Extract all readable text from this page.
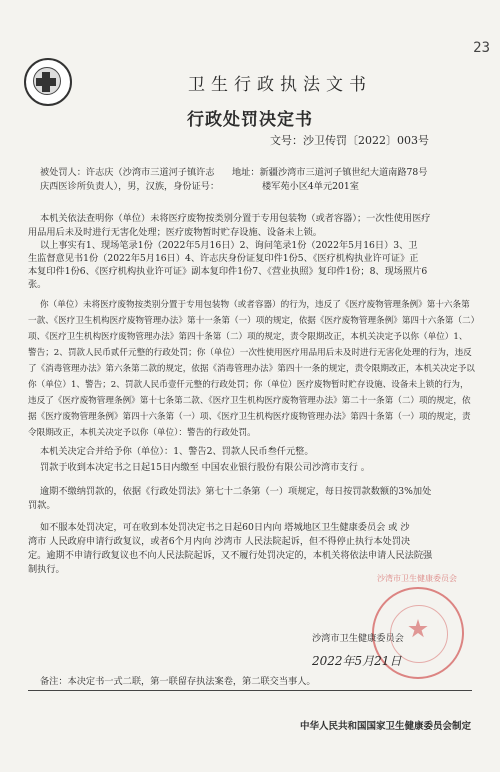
23
卫生行政执法文书
行政处罚决定书
文号：沙卫传罚〔2022〕003号
被处罚人：许志庆（沙湾市三道河子镇许志
庆西医诊所负责人），男，汉族，身份证号：
地址：新疆沙湾市三道河子镇世纪大道南路78号
楼军苑小区4单元201室
本机关依法查明你（单位）未将医疗废物按类别分置于专用包装物（或者容器）；一次性使用医疗
用品用后未及时进行无害化处理；医疗废物暂时贮存设施、设备未上锁。
以上事实有1、现场笔录1份（2022年5月16日）2、询问笔录1份（2022年5月16日）3、卫
生监督意见书1份（2022年5月16日）4、许志庆身份证复印件1份5、《医疗机构执业许可证》正
本复印件1份6、《医疗机构执业许可证》副本复印件1份7、《营业执照》复印件1份；8、现场照片6
张。
你（单位）未将医疗废物按类别分置于专用包装物（或者容器）的行为，违反了《医疗废物管理条例》第十六条第
一款、《医疗卫生机构医疗废物管理办法》第十一条第（一）项的规定，依据《医疗废物管理条例》第四十六条第（二）
项、《医疗卫生机构医疗废物管理办法》第四十条第（二）项的规定，责令限期改正，本机关决定予以你（单位）1、
警告；2、罚款人民币贰仟元整的行政处罚；你（单位）一次性使用医疗用品用后未及时进行无害化处理的行为，违反
了《消毒管理办法》第六条第二款的规定，依据《消毒管理办法》第四十一条的规定，责令限期改正，本机关决定予以
你（单位）1、警告；2、罚款人民币壹仟元整的行政处罚；你（单位）医疗废物暂时贮存设施、设备未上锁的行为，
违反了《医疗废物管理条例》第十七条第二款、《医疗卫生机构医疗废物管理办法》第二十一条第（二）项的规定，依
据《医疗废物管理条例》第四十六条第（一）项、《医疗卫生机构医疗废物管理办法》第四十条第（一）项的规定，责
令限期改正，本机关决定予以你（单位）：警告的行政处罚。
本机关决定合并给予你（单位）：1、警告2、罚款人民币叁仟元整。
罚款于收到本决定书之日起15日内缴至 中国农业银行股份有限公司沙湾市支行 。
逾期不缴纳罚款的，依据《行政处罚法》第七十二条第（一）项规定，每日按罚款数额的3%加处
罚款。
如不服本处罚决定，可在收到本处罚决定书之日起60日内向 塔城地区卫生健康委员会 或 沙
湾市 人民政府申请行政复议，或者6个月内向 沙湾市 人民法院起诉，但不得停止执行本处罚决
定。逾期不申请行政复议也不向人民法院起诉，又不履行处罚决定的，本机关将依法申请人民法院强
制执行。
沙湾市卫生健康委员会
沙湾市卫生健康委员会
2022年5月21日
备注：本决定书一式二联，第一联留存执法案卷，第二联交当事人。
中华人民共和国国家卫生健康委员会制定
